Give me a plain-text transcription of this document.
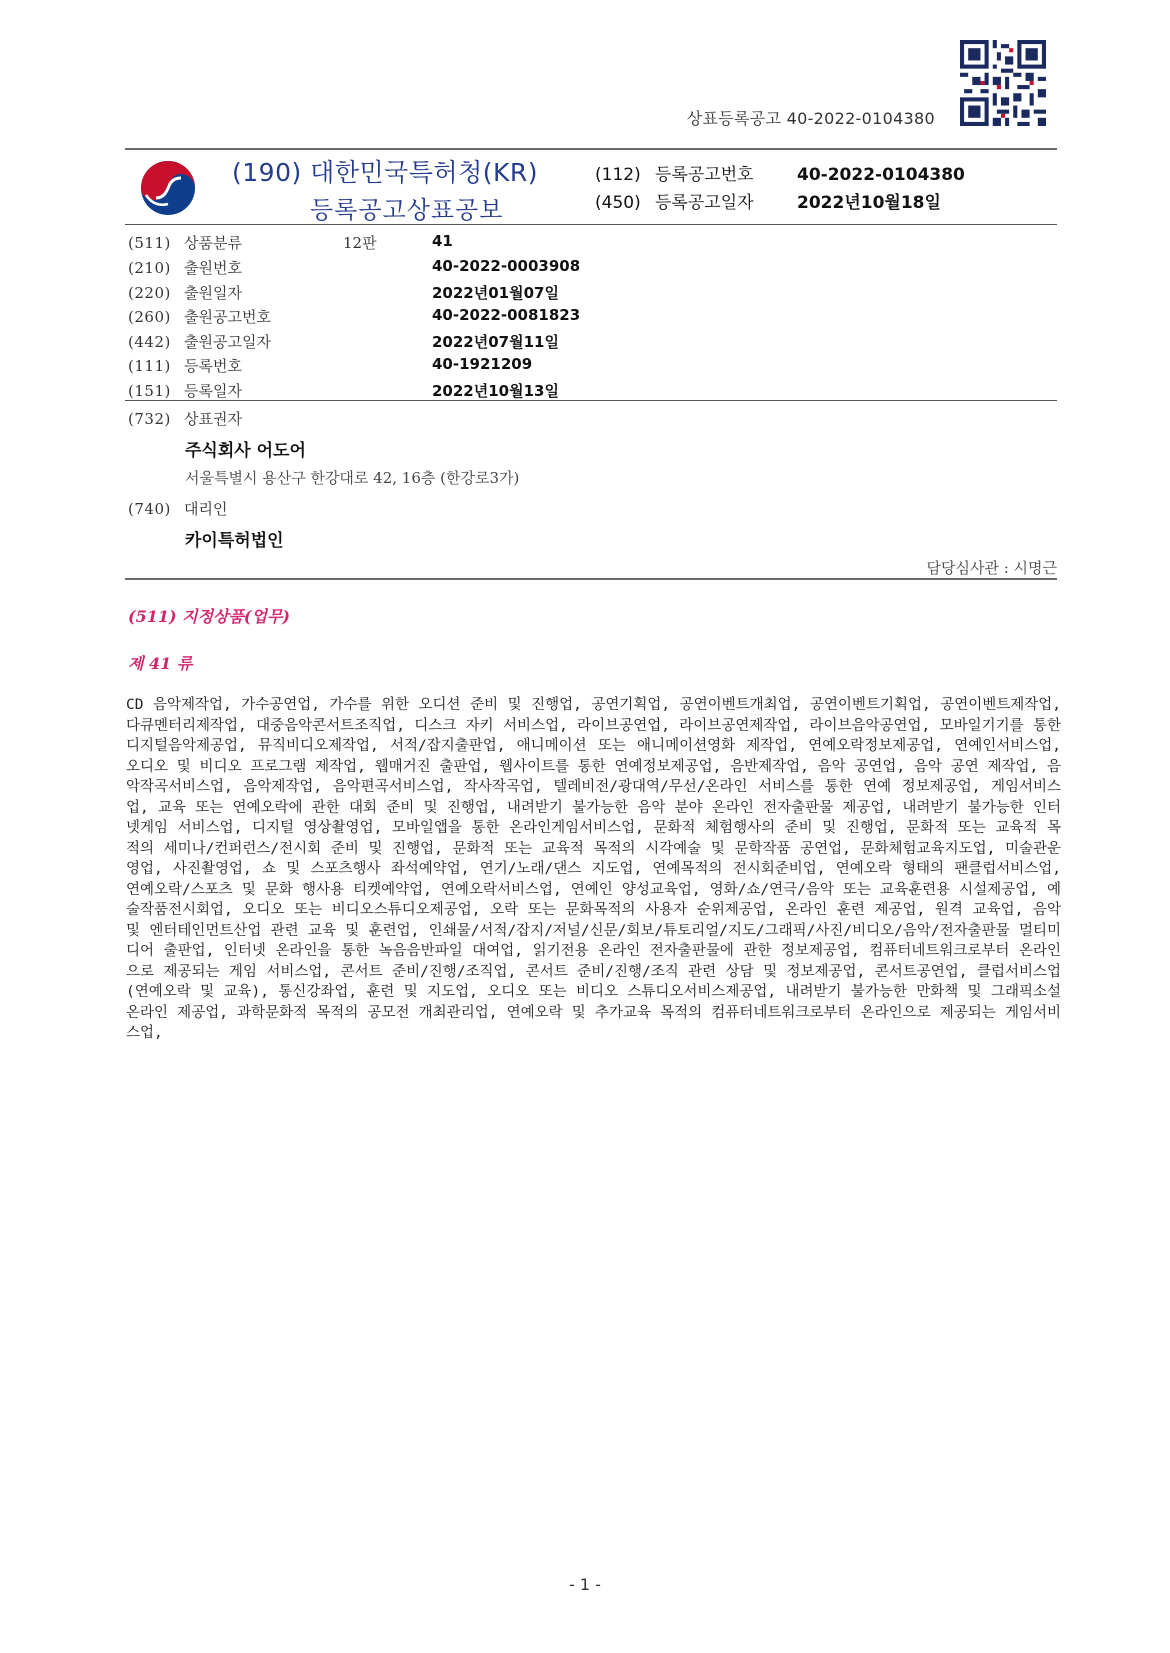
상표등록공고 40-2022-0104380
(190) 대한민국특허청(KR)
등록공고상표공보
(112) 등록공고번호	40-2022-0104380
(450) 등록공고일자	2022년10월18일
(511) 상품분류	12판	41
(210) 출원번호	40-2022-0003908
(220) 출원일자	2022년01월07일
(260) 출원공고번호	40-2022-0081823
(442) 출원공고일자	2022년07월11일
(111) 등록번호	40-1921209
(151) 등록일자	2022년10월13일
(732) 상표권자
주식회사 어도어
서울특별시 용산구 한강대로 42, 16층 (한강로3가)
(740) 대리인
카이특허법인
담당심사관 : 시명근
(511) 지정상품(업무)
제 41 류
CD 음악제작업, 가수공연업, 가수를 위한 오디션 준비 및 진행업, 공연기획업, 공연이벤트개최업, 공연이벤트기획업, 공연이벤트제작업, 다큐멘터리제작업, 대중음악콘서트조직업, 디스크 자키 서비스업, 라이브공연업, 라이브공연제작업, 라이브음악공연업, 모바일기기를 통한 디지털음악제공업, 뮤직비디오제작업, 서적/잡지출판업, 애니메이션 또는 애니메이션영화 제작업, 연예오락정보제공업, 연예인서비스업, 오디오 및 비디오 프로그램 제작업, 웹매거진 출판업, 웹사이트를 통한 연예정보제공업, 음반제작업, 음악 공연업, 음악 공연 제작업, 음악작곡서비스업, 음악제작업, 음악편곡서비스업, 작사작곡업, 텔레비전/광대역/무선/온라인 서비스를 통한 연예 정보제공업, 게임서비스업, 교육 또는 연예오락에 관한 대회 준비 및 진행업, 내려받기 불가능한 음악 분야 온라인 전자출판물 제공업, 내려받기 불가능한 인터넷게임 서비스업, 디지털 영상촬영업, 모바일앱을 통한 온라인게임서비스업, 문화적 체험행사의 준비 및 진행업, 문화적 또는 교육적 목적의 세미나/컨퍼런스/전시회 준비 및 진행업, 문화적 또는 교육적 목적의 시각예술 및 문학작품 공연업, 문화체험교육지도업, 미술관운영업, 사진촬영업, 쇼 및 스포츠행사 좌석예약업, 연기/노래/댄스 지도업, 연예목적의 전시회준비업, 연예오락 형태의 팬클럽서비스업, 연예오락/스포츠 및 문화 행사용 티켓예약업, 연예오락서비스업, 연예인 양성교육업, 영화/쇼/연극/음악 또는 교육훈련용 시설제공업, 예술작품전시회업, 오디오 또는 비디오스튜디오제공업, 오락 또는 문화목적의 사용자 순위제공업, 온라인 훈련 제공업, 원격 교육업, 음악 및 엔터테인먼트산업 관련 교육 및 훈련업, 인쇄물/서적/잡지/저널/신문/회보/튜토리얼/지도/그래픽/사진/비디오/음악/전자출판물 멀티미디어 출판업, 인터넷 온라인을 통한 녹음음반파일 대여업, 읽기전용 온라인 전자출판물에 관한 정보제공업, 컴퓨터네트워크로부터 온라인으로 제공되는 게임 서비스업, 콘서트 준비/진행/조직업, 콘서트 준비/진행/조직 관련 상담 및 정보제공업, 콘서트공연업, 클럽서비스업(연예오락 및 교육), 통신강좌업, 훈련 및 지도업, 오디오 또는 비디오 스튜디오서비스제공업, 내려받기 불가능한 만화책 및 그래픽소설 온라인 제공업, 과학문화적 목적의 공모전 개최관리업, 연예오락 및 추가교육 목적의 컴퓨터네트워크로부터 온라인으로 제공되는 게임서비스업,
- 1 -
